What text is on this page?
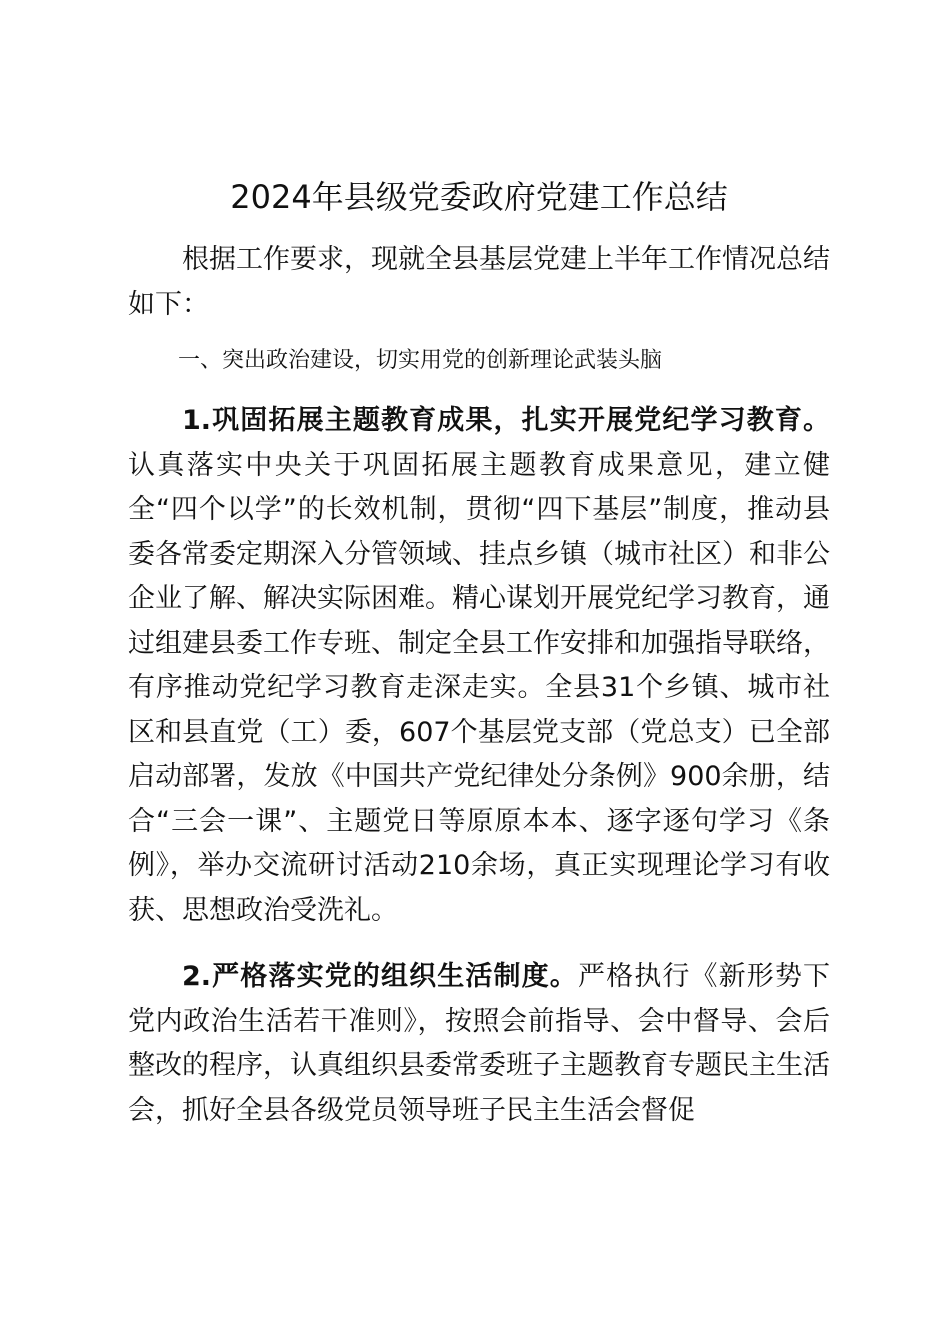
2024年县级党委政府党建工作总结

根据工作要求，现就全县基层党建上半年工作情况总结如下：

一、突出政治建设，切实用党的创新理论武装头脑

1.巩固拓展主题教育成果，扎实开展党纪学习教育。认真落实中央关于巩固拓展主题教育成果意见，建立健全“四个以学”的长效机制，贯彻“四下基层”制度，推动县委各常委定期深入分管领域、挂点乡镇（城市社区）和非公企业了解、解决实际困难。精心谋划开展党纪学习教育，通过组建县委工作专班、制定全县工作安排和加强指导联络，有序推动党纪学习教育走深走实。全县31个乡镇、城市社区和县直党（工）委，607个基层党支部（党总支）已全部启动部署，发放《中国共产党纪律处分条例》900余册，结合“三会一课”、主题党日等原原本本、逐字逐句学习《条例》，举办交流研讨活动210余场，真正实现理论学习有收获、思想政治受洗礼。

2.严格落实党的组织生活制度。严格执行《新形势下党内政治生活若干准则》，按照会前指导、会中督导、会后整改的程序，认真组织县委常委班子主题教育专题民主生活会，抓好全县各级党员领导班子民主生活会督促
